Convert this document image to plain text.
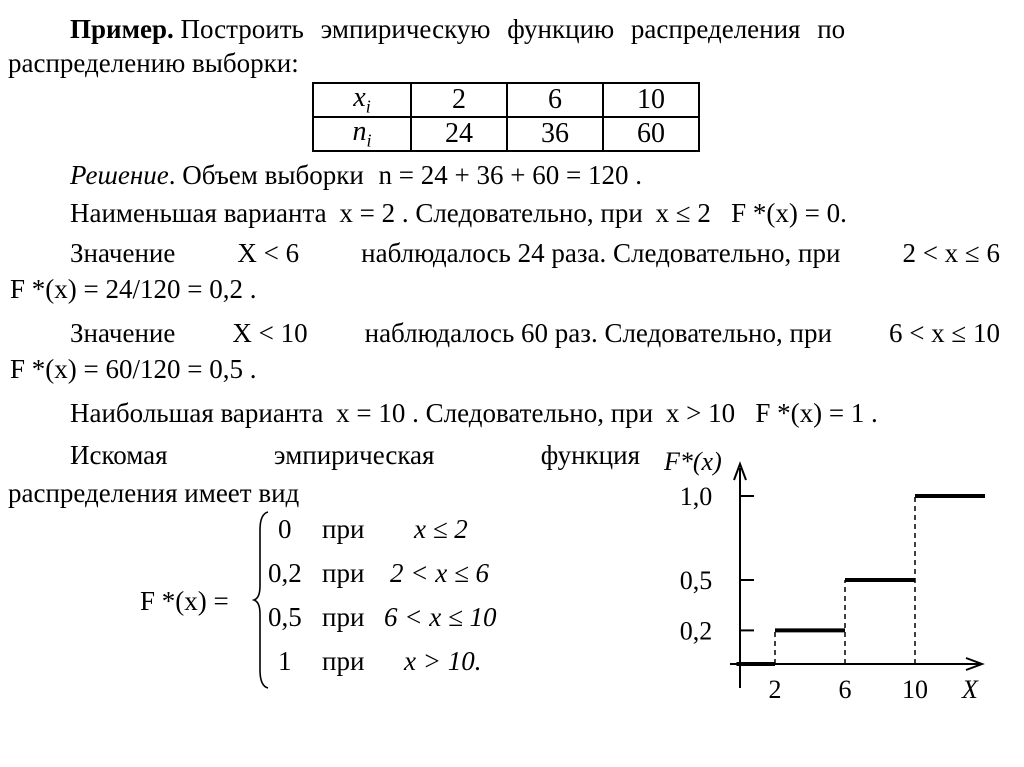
Пример. Построить эмпирическую функцию распределения по
распределению выборки:
$x_i$	2	6	10
$n_i$	24	36	60
Решение. Объем выборки n = 24 + 36 + 60 = 120 .
Наименьшая варианта x = 2 . Следовательно, при x ≤ 2   F *(x) = 0.
Значение X < 6 наблюдалось 24 раза. Следовательно, при 2 < x ≤ 6
F *(x) = 24/120 = 0,2 .
Значение X < 10 наблюдалось 60 раз. Следовательно, при 6 < x ≤ 10
F *(x) = 60/120 = 0,5 .
Наибольшая варианта x = 10 . Следовательно, при x > 10   F *(x) = 1 .
Искомая	эмпирическая	функция
распределения имеет вид
F *(x) =
0 при x ≤ 2
0,2 при 2 < x ≤ 6
0,5 при 6 < x ≤ 10
1 при x > 10.
F*(x)
X
0,2
0,5
1,0
2 6 10
